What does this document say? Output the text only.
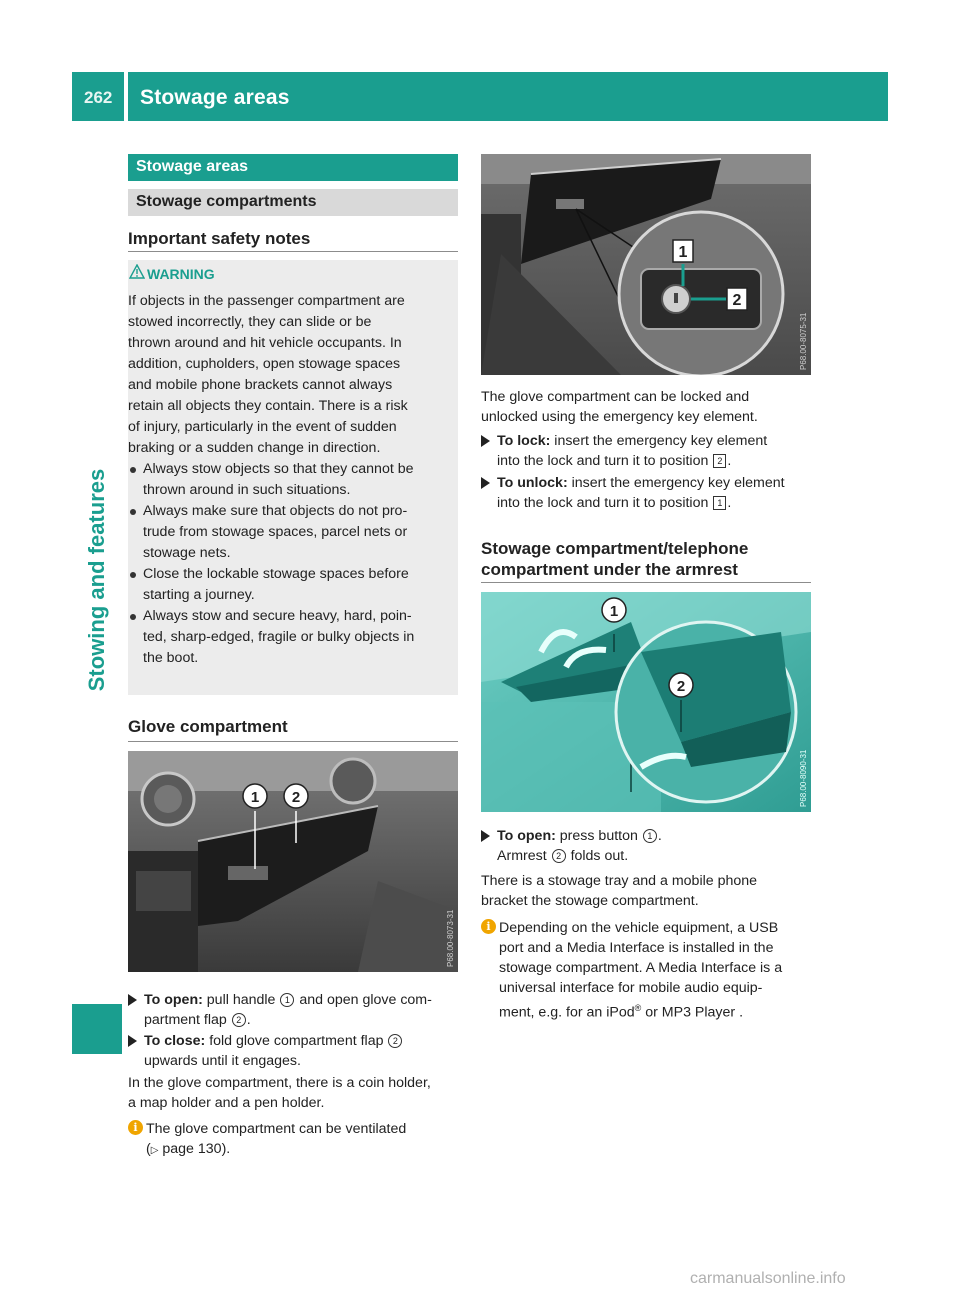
262 Stowage areas
Stowing and features
Stowage areas
Stowage compartments
Important safety notes
WARNING
If objects in the passenger compartment are
stowed incorrectly, they can slide or be
thrown around and hit vehicle occupants. In
addition, cupholders, open stowage spaces
and mobile phone brackets cannot always
retain all objects they contain. There is a risk
of injury, particularly in the event of sudden
braking or a sudden change in direction.
Always stow objects so that they cannot be
thrown around in such situations.
Always make sure that objects do not pro-
trude from stowage spaces, parcel nets or
stowage nets.
Close the lockable stowage spaces before
starting a journey.
Always stow and secure heavy, hard, poin-
ted, sharp-edged, fragile or bulky objects in
the boot.
Glove compartment
1 2
P68.00-8073-31
To open: pull handle 1 and open glove com-
partment flap 2 .
To close: fold glove compartment flap 2
upwards until it engages.
In the glove compartment, there is a coin holder,
a map holder and a pen holder.
i The glove compartment can be ventilated
(▷ page 130).
1
2
P68.00-8075-31
The glove compartment can be locked and
unlocked using the emergency key element.
To lock: insert the emergency key element
into the lock and turn it to position 2 .
To unlock: insert the emergency key element
into the lock and turn it to position 1 .
Stowage compartment/telephone
compartment under the armrest
1
2
P68.00-8090-31
To open: press button 1 .
Armrest 2 folds out.
There is a stowage tray and a mobile phone
bracket the stowage compartment.
i Depending on the vehicle equipment, a USB
port and a Media Interface is installed in the
stowage compartment. A Media Interface is a
universal interface for mobile audio equip-
ment, e.g. for an iPod® or MP3 Player .
carmanualsonline.info
